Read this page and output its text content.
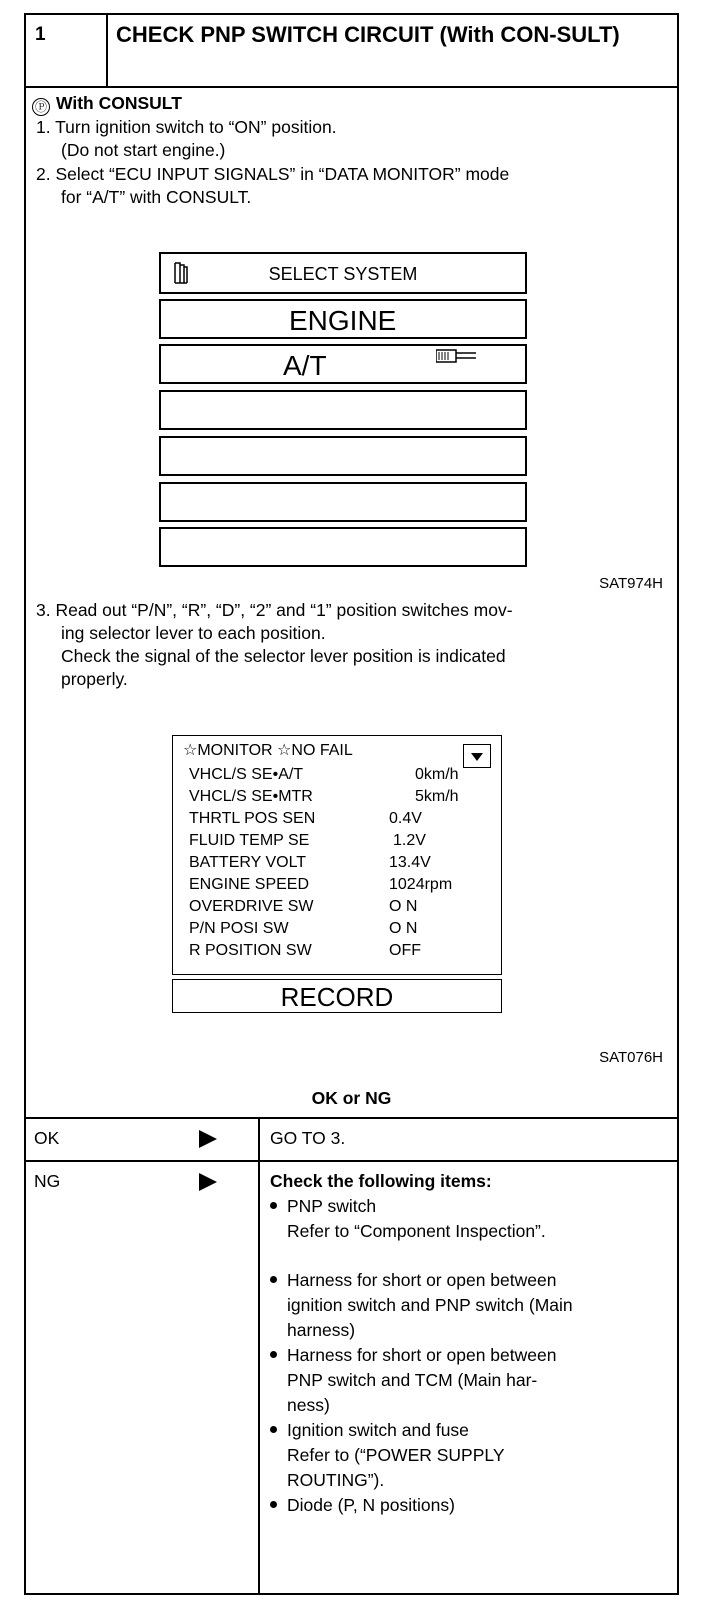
1	CHECK PNP SWITCH CIRCUIT (With CON-SULT)
Ⓟ With CONSULT
1. Turn ignition switch to “ON” position.
(Do not start engine.)
2. Select “ECU INPUT SIGNALS” in “DATA MONITOR” mode
for “A/T” with CONSULT.
SELECT SYSTEM
ENGINE
A/T
SAT974H
3. Read out “P/N”, “R”, “D”, “2” and “1” position switches mov-
ing selector lever to each position.
Check the signal of the selector lever position is indicated
properly.
☆MONITOR ☆NO FAIL
VHCL/S SE•A/T	0km/h
VHCL/S SE•MTR	5km/h
THRTL POS SEN	0.4V
FLUID TEMP SE	1.2V
BATTERY VOLT	13.4V
ENGINE SPEED	1024rpm
OVERDRIVE SW	O N
P/N POSI SW	O N
R POSITION SW	OFF
RECORD
SAT076H
OK or NG
OK	GO TO 3.
NG	Check the following items:
PNP switch
Refer to “Component Inspection”.
Harness for short or open between
ignition switch and PNP switch (Main
harness)
Harness for short or open between
PNP switch and TCM (Main har-
ness)
Ignition switch and fuse
Refer to (“POWER SUPPLY
ROUTING”).
Diode (P, N positions)
